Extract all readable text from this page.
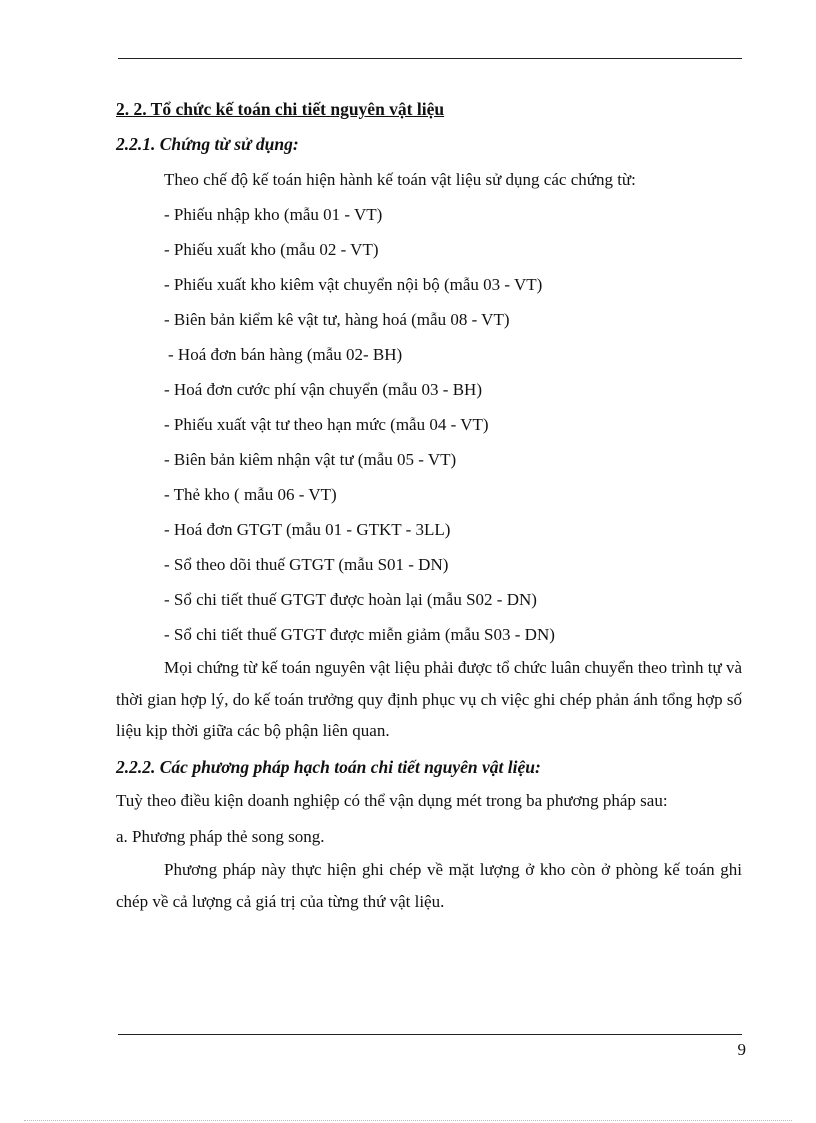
2. 2. Tổ chức kế toán chi tiết nguyên vật liệu

2.2.1. Chứng từ sử dụng:

Theo chế độ kế toán hiện hành kế toán vật liệu sử dụng các chứng từ:

- Phiếu nhập kho (mẫu 01 - VT)

- Phiếu xuất kho (mẫu 02 - VT)

- Phiếu xuất kho kiêm vật chuyển nội bộ (mẫu 03 - VT)

- Biên bản kiểm kê vật tư, hàng hoá (mẫu 08 - VT)

- Hoá đơn bán hàng (mẫu 02- BH)

- Hoá đơn cước phí vận chuyển (mẫu 03 - BH)

- Phiếu xuất vật tư theo hạn mức (mẫu 04 - VT)

- Biên bản kiêm nhận vật tư (mẫu 05 - VT)

- Thẻ kho ( mẫu 06 - VT)

- Hoá đơn GTGT (mẫu 01 - GTKT - 3LL)

- Sổ theo dõi thuế GTGT (mẫu S01 - DN)

- Sổ chi tiết thuế GTGT được hoàn lại (mẫu S02 - DN)

- Sổ chi tiết thuế GTGT được miễn giảm (mẫu S03 - DN)

Mọi chứng từ kế toán nguyên vật liệu phải được tổ chức luân chuyển theo trình tự và thời gian hợp lý, do kế toán trưởng quy định phục vụ ch việc ghi chép phản ánh tổng hợp số liệu kịp thời giữa các bộ phận liên quan.

2.2.2. Các phương pháp hạch toán chi tiết nguyên vật liệu:

Tuỳ theo điều kiện doanh nghiệp có thể vận dụng mét trong ba phương pháp sau:

a. Phương pháp thẻ song song.

Phương pháp này thực hiện ghi chép về mặt lượng ở kho còn ở phòng kế toán ghi chép về cả lượng cả giá trị của từng thứ vật liệu.

9
